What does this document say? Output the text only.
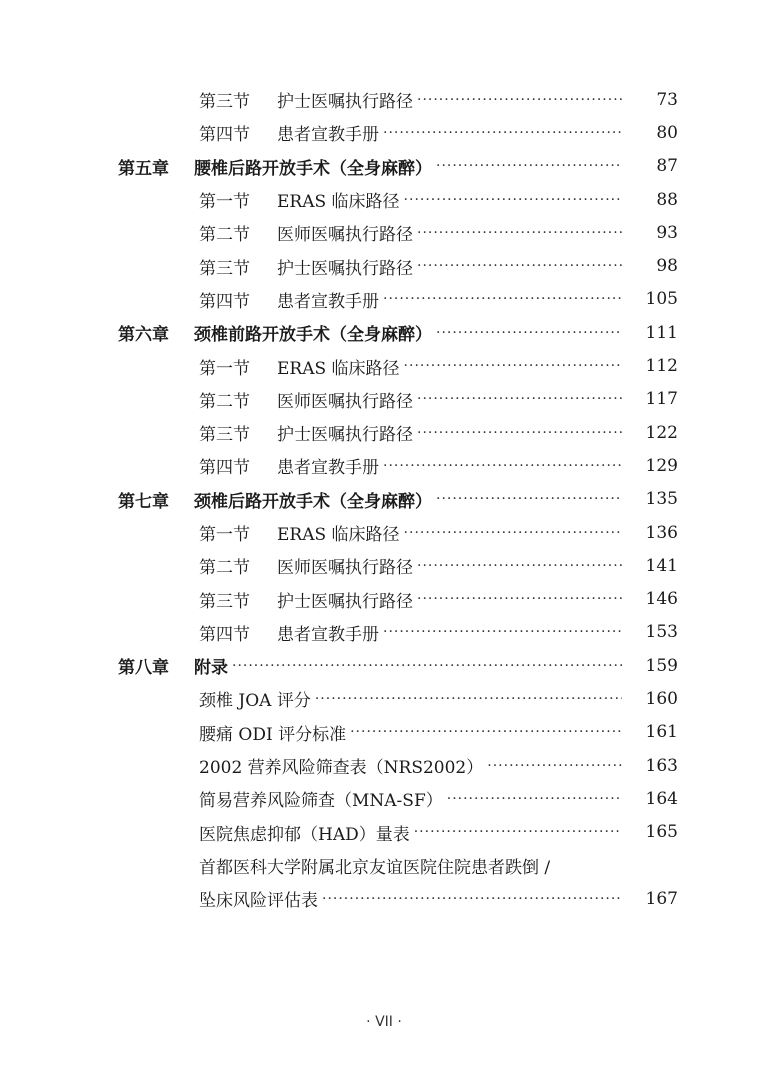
第三节	护士医嘱执行路径 ·····	73
第四节	患者宣教手册 ·····	80
第五章	腰椎后路开放手术（全身麻醉） ·····	87
第一节	ERAS 临床路径 ·····	88
第二节	医师医嘱执行路径 ·····	93
第三节	护士医嘱执行路径 ·····	98
第四节	患者宣教手册 ·····	105
第六章	颈椎前路开放手术（全身麻醉） ·····	111
第一节	ERAS 临床路径 ·····	112
第二节	医师医嘱执行路径 ·····	117
第三节	护士医嘱执行路径 ·····	122
第四节	患者宣教手册 ·····	129
第七章	颈椎后路开放手术（全身麻醉） ·····	135
第一节	ERAS 临床路径 ·····	136
第二节	医师医嘱执行路径 ·····	141
第三节	护士医嘱执行路径 ·····	146
第四节	患者宣教手册 ·····	153
第八章	附录 ·····	159
颈椎 JOA 评分 ·····	160
腰痛 ODI 评分标准 ·····	161
2002 营养风险筛查表（NRS2002） ·····	163
简易营养风险筛查（MNA-SF） ·····	164
医院焦虑抑郁（HAD）量表 ·····	165
首都医科大学附属北京友谊医院住院患者跌倒 /
坠床风险评估表 ·····	167
· VII ·
